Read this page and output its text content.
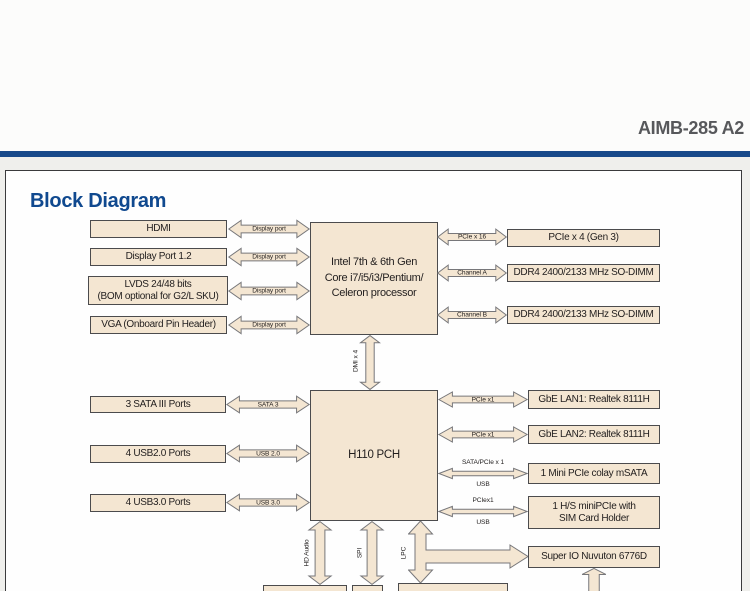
AIMB-285 A2
Block Diagram
HDMI
Display Port 1.2
LVDS 24/48 bits
(BOM optional for G2/L SKU)
VGA (Onboard Pin Header)
Display port
Display port
Display port
Display port
Intel 7th & 6th Gen
Core i7/i5/i3/Pentium/
Celeron processor
PCIe x 16	PCIe x 4 (Gen 3)
Channel A	DDR4 2400/2133 MHz SO-DIMM
Channel B	DDR4 2400/2133 MHz SO-DIMM
DMI x 4
H110 PCH
3 SATA III Ports	SATA 3
4 USB2.0 Ports	USB 2.0
4 USB3.0 Ports	USB 3.0
PCIe x1	GbE LAN1: Realtek 8111H
PCIe x1	GbE LAN2: Realtek 8111H
SATA/PCIe x 1
USB
1 Mini PCIe colay mSATA
PCIex1
USB
1 H/S miniPCIe with
SIM Card Holder
HD Audio	SPI	LPC	Super IO Nuvuton 6776D
